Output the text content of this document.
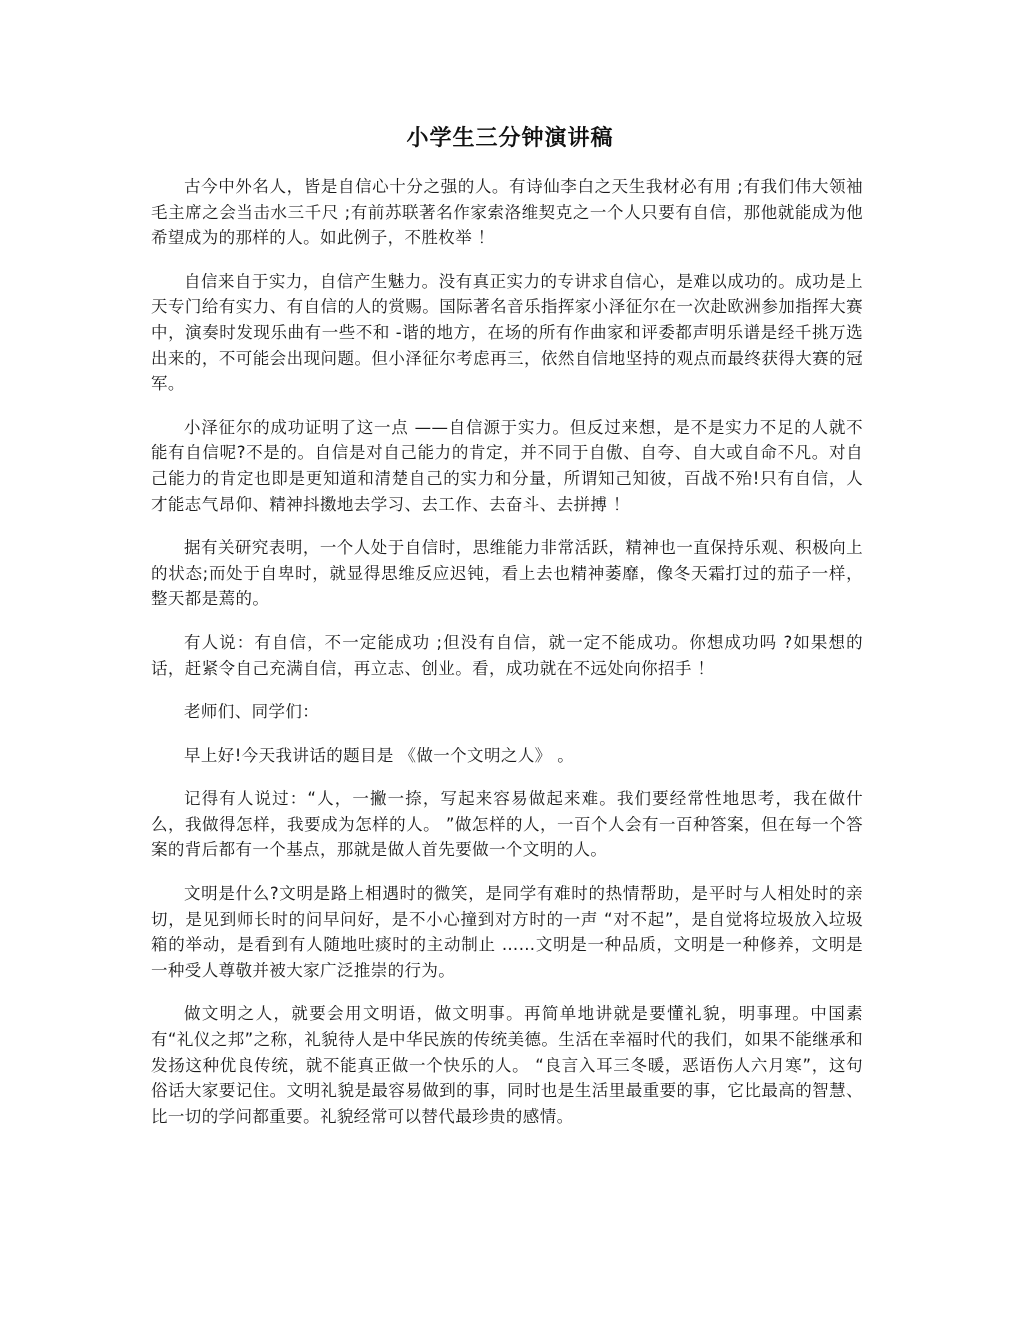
小学生三分钟演讲稿

古今中外名人，皆是自信心十分之强的人。有诗仙李白之天生我材必有用 ;有我们伟大领袖毛主席之会当击水三千尺 ;有前苏联著名作家索洛维契克之一个人只要有自信，那他就能成为他希望成为的那样的人。如此例子，不胜枚举 ！

自信来自于实力，自信产生魅力。没有真正实力的专讲求自信心，是难以成功的。成功是上天专门给有实力、有自信的人的赏赐。国际著名音乐指挥家小泽征尔在一次赴欧洲参加指挥大赛中，演奏时发现乐曲有一些不和 -谐的地方，在场的所有作曲家和评委都声明乐谱是经千挑万选出来的，不可能会出现问题。但小泽征尔考虑再三，依然自信地坚持的观点而最终获得大赛的冠军。

小泽征尔的成功证明了这一点 ——自信源于实力。但反过来想，是不是实力不足的人就不能有自信呢?不是的。自信是对自己能力的肯定，并不同于自傲、自夸、自大或自命不凡。对自己能力的肯定也即是更知道和清楚自己的实力和分量，所谓知己知彼，百战不殆!只有自信，人才能志气昂仰、精神抖擞地去学习、去工作、去奋斗、去拼搏 ！

据有关研究表明，一个人处于自信时，思维能力非常活跃，精神也一直保持乐观、积极向上的状态;而处于自卑时，就显得思维反应迟钝，看上去也精神萎靡，像冬天霜打过的茄子一样，整天都是蔫的。

有人说：有自信，不一定能成功 ;但没有自信，就一定不能成功。你想成功吗 ?如果想的话，赶紧令自己充满自信，再立志、创业。看，成功就在不远处向你招手 ！

老师们、同学们：

早上好!今天我讲话的题目是 《做一个文明之人》 。

记得有人说过：“人，一撇一捺，写起来容易做起来难。我们要经常性地思考，我在做什么，我做得怎样，我要成为怎样的人。 ”做怎样的人，一百个人会有一百种答案，但在每一个答案的背后都有一个基点，那就是做人首先要做一个文明的人。

文明是什么?文明是路上相遇时的微笑，是同学有难时的热情帮助，是平时与人相处时的亲切，是见到师长时的问早问好，是不小心撞到对方时的一声 “对不起”，是自觉将垃圾放入垃圾箱的举动，是看到有人随地吐痰时的主动制止 ……文明是一种品质，文明是一种修养，文明是一种受人尊敬并被大家广泛推崇的行为。

做文明之人，就要会用文明语，做文明事。再简单地讲就是要懂礼貌，明事理。中国素有“礼仪之邦”之称，礼貌待人是中华民族的传统美德。生活在幸福时代的我们，如果不能继承和发扬这种优良传统，就不能真正做一个快乐的人。 “良言入耳三冬暖，恶语伤人六月寒”，这句俗话大家要记住。文明礼貌是最容易做到的事，同时也是生活里最重要的事，它比最高的智慧、比一切的学问都重要。礼貌经常可以替代最珍贵的感情。
